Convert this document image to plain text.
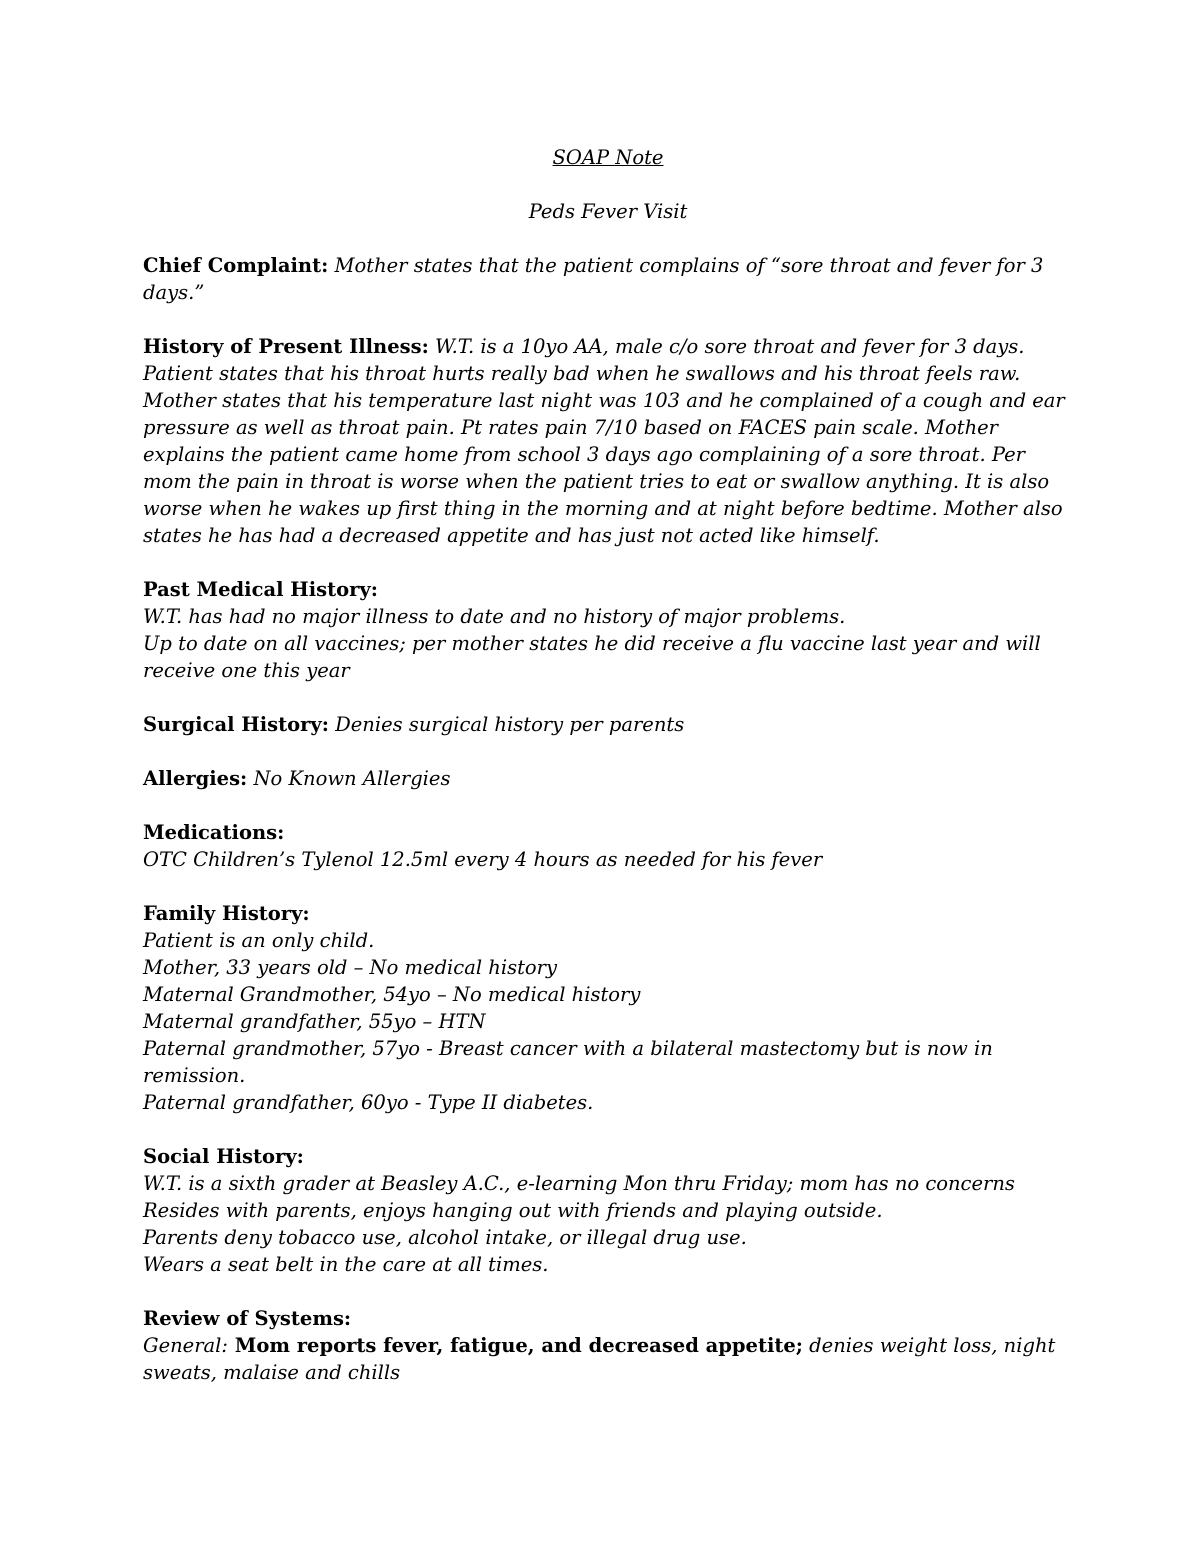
SOAP Note
Peds Fever Visit

Chief Complaint: Mother states that the patient complains of “sore throat and fever for 3 days.”

History of Present Illness: W.T. is a 10yo AA, male c/o sore throat and fever for 3 days. Patient states that his throat hurts really bad when he swallows and his throat feels raw. Mother states that his temperature last night was 103 and he complained of a cough and ear pressure as well as throat pain. Pt rates pain 7/10 based on FACES pain scale. Mother explains the patient came home from school 3 days ago complaining of a sore throat. Per mom the pain in throat is worse when the patient tries to eat or swallow anything. It is also worse when he wakes up first thing in the morning and at night before bedtime. Mother also states he has had a decreased appetite and has just not acted like himself.

Past Medical History:
W.T. has had no major illness to date and no history of major problems.
Up to date on all vaccines; per mother states he did receive a flu vaccine last year and will receive one this year

Surgical History: Denies surgical history per parents

Allergies: No Known Allergies

Medications:
OTC Children’s Tylenol 12.5ml every 4 hours as needed for his fever
Family History:
Patient is an only child.
Mother, 33 years old – No medical history
Maternal Grandmother, 54yo – No medical history
Maternal grandfather, 55yo – HTN
Paternal grandmother, 57yo - Breast cancer with a bilateral mastectomy but is now in remission.
Paternal grandfather, 60yo - Type II diabetes.
Social History:
W.T. is a sixth grader at Beasley A.C., e-learning Mon thru Friday; mom has no concerns
Resides with parents, enjoys hanging out with friends and playing outside.
Parents deny tobacco use, alcohol intake, or illegal drug use.
Wears a seat belt in the care at all times.
Review of Systems:
General: Mom reports fever, fatigue, and decreased appetite; denies weight loss, night sweats, malaise and chills
